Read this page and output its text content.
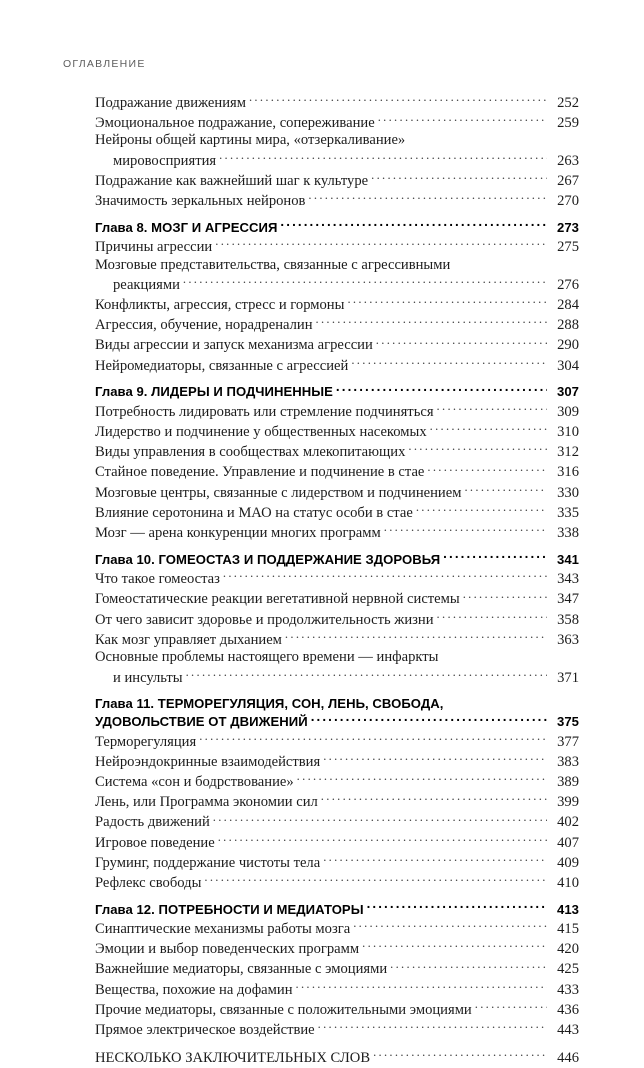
ОГЛАВЛЕНИЕ
Подражание движениям .....	252
Эмоциональное подражание, сопереживание .....	259
Нейроны общей картины мира, «отзеркаливание»
мировосприятия .....	263
Подражание как важнейший шаг к культуре .....	267
Значимость зеркальных нейронов .....	270
Глава 8. МОЗГ И АГРЕССИЯ .....	273
Причины агрессии .....	275
Мозговые представительства, связанные с агрессивными
реакциями .....	276
Конфликты, агрессия, стресс и гормоны .....	284
Агрессия, обучение, норадреналин .....	288
Виды агрессии и запуск механизма агрессии .....	290
Нейромедиаторы, связанные с агрессией .....	304
Глава 9. ЛИДЕРЫ И ПОДЧИНЕННЫЕ .....	307
Потребность лидировать или стремление подчиняться .....	309
Лидерство и подчинение у общественных насекомых .....	310
Виды управления в сообществах млекопитающих .....	312
Стайное поведение. Управление и подчинение в стае .....	316
Мозговые центры, связанные с лидерством и подчинением .....	330
Влияние серотонина и МАО на статус особи в стае .....	335
Мозг — арена конкуренции многих программ .....	338
Глава 10. ГОМЕОСТАЗ И ПОДДЕРЖАНИЕ ЗДОРОВЬЯ .....	341
Что такое гомеостаз .....	343
Гомеостатические реакции вегетативной нервной системы .....	347
От чего зависит здоровье и продолжительность жизни .....	358
Как мозг управляет дыханием .....	363
Основные проблемы настоящего времени — инфаркты
и инсульты .....	371
Глава 11. ТЕРМОРЕГУЛЯЦИЯ, СОН, ЛЕНЬ, СВОБОДА,
УДОВОЛЬСТВИЕ ОТ ДВИЖЕНИЙ .....	375
Терморегуляция .....	377
Нейроэндокринные взаимодействия .....	383
Система «сон и бодрствование» .....	389
Лень, или Программа экономии сил .....	399
Радость движений .....	402
Игровое поведение .....	407
Груминг, поддержание чистоты тела .....	409
Рефлекс свободы .....	410
Глава 12. ПОТРЕБНОСТИ И МЕДИАТОРЫ .....	413
Синаптические механизмы работы мозга .....	415
Эмоции и выбор поведенческих программ .....	420
Важнейшие медиаторы, связанные с эмоциями .....	425
Вещества, похожие на дофамин .....	433
Прочие медиаторы, связанные с положительными эмоциями .....	436
Прямое электрическое воздействие .....	443
НЕСКОЛЬКО ЗАКЛЮЧИТЕЛЬНЫХ СЛОВ .....	446
